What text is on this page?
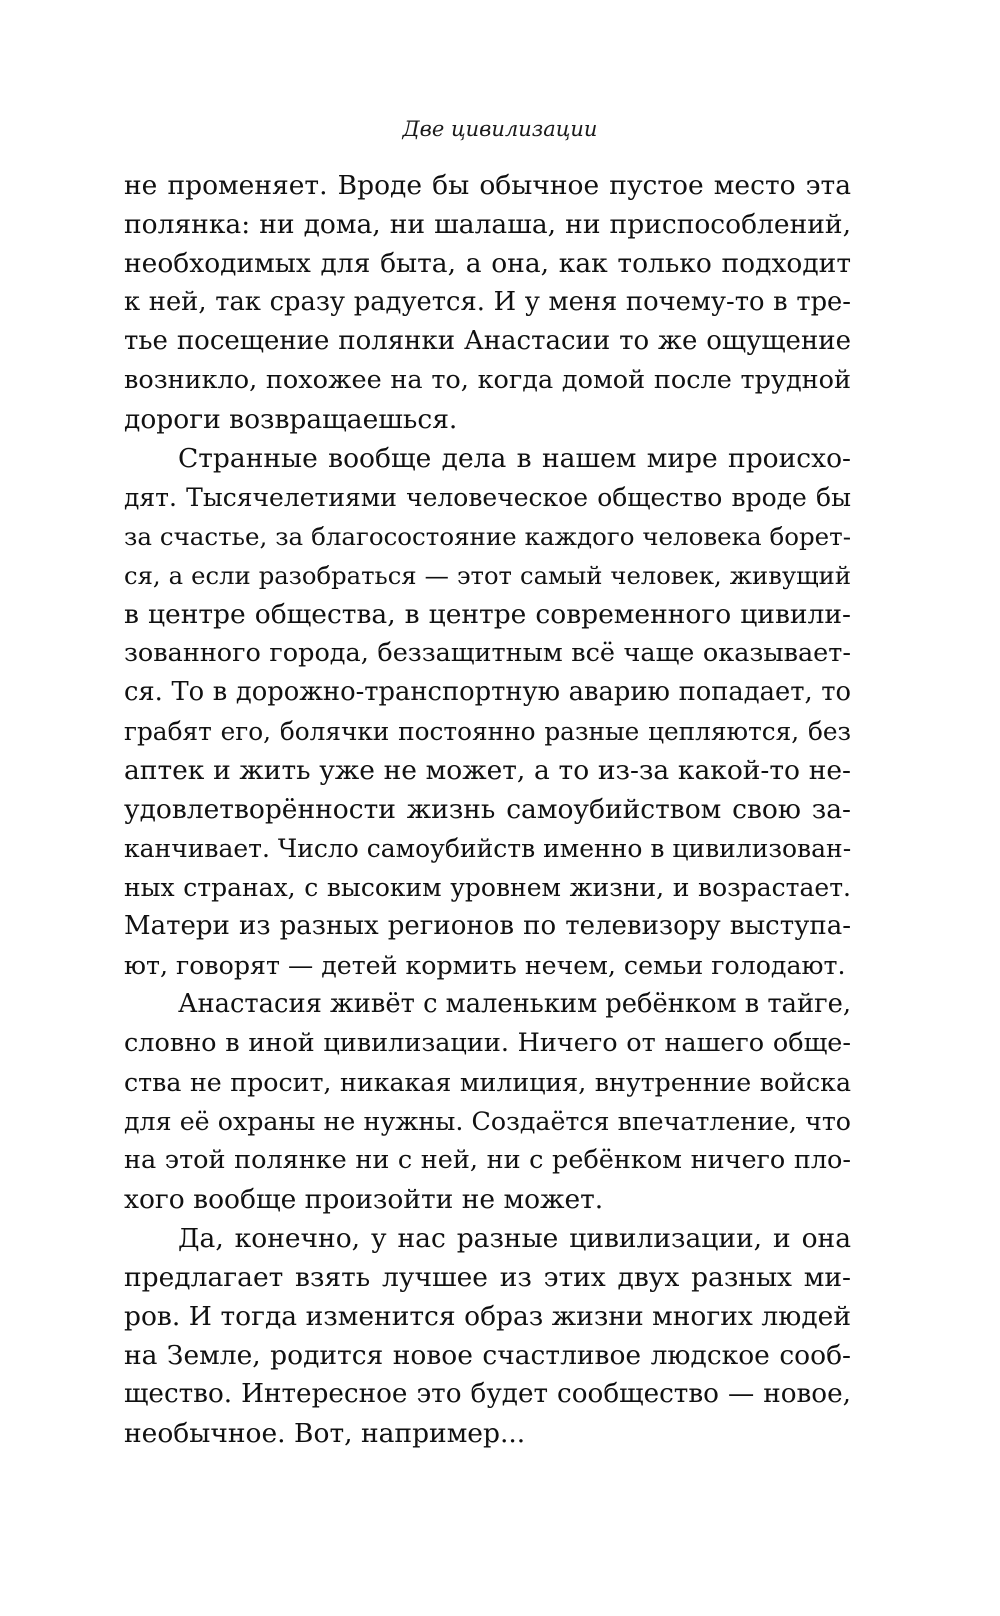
Две цивилизации
не променяет. Вроде бы обычное пустое место эта
полянка: ни дома, ни шалаша, ни приспособлений,
необходимых для быта, а она, как только подходит
к ней, так сразу радуется. И у меня почему-то в тре-
тье посещение полянки Анастасии то же ощущение
возникло, похожее на то, когда домой после трудной
дороги возвращаешься.
Странные вообще дела в нашем мире происхо-
дят. Тысячелетиями человеческое общество вроде бы
за счастье, за благосостояние каждого человека борет-
ся, а если разобраться — этот самый человек, живущий
в центре общества, в центре современного цивили-
зованного города, беззащитным всё чаще оказывает-
ся. То в дорожно-транспортную аварию попадает, то
грабят его, болячки постоянно разные цепляются, без
аптек и жить уже не может, а то из-за какой-то не-
удовлетворённости жизнь самоубийством свою за-
канчивает. Число самоубийств именно в цивилизован-
ных странах, с высоким уровнем жизни, и возрастает.
Матери из разных регионов по телевизору выступа-
ют, говорят — детей кормить нечем, семьи голодают.
Анастасия живёт с маленьким ребёнком в тайге,
словно в иной цивилизации. Ничего от нашего обще-
ства не просит, никакая милиция, внутренние войска
для её охраны не нужны. Создаётся впечатление, что
на этой полянке ни с ней, ни с ребёнком ничего пло-
хого вообще произойти не может.
Да, конечно, у нас разные цивилизации, и она
предлагает взять лучшее из этих двух разных ми-
ров. И тогда изменится образ жизни многих людей
на Земле, родится новое счастливое людское сооб-
щество. Интересное это будет сообщество — новое,
необычное. Вот, например...
